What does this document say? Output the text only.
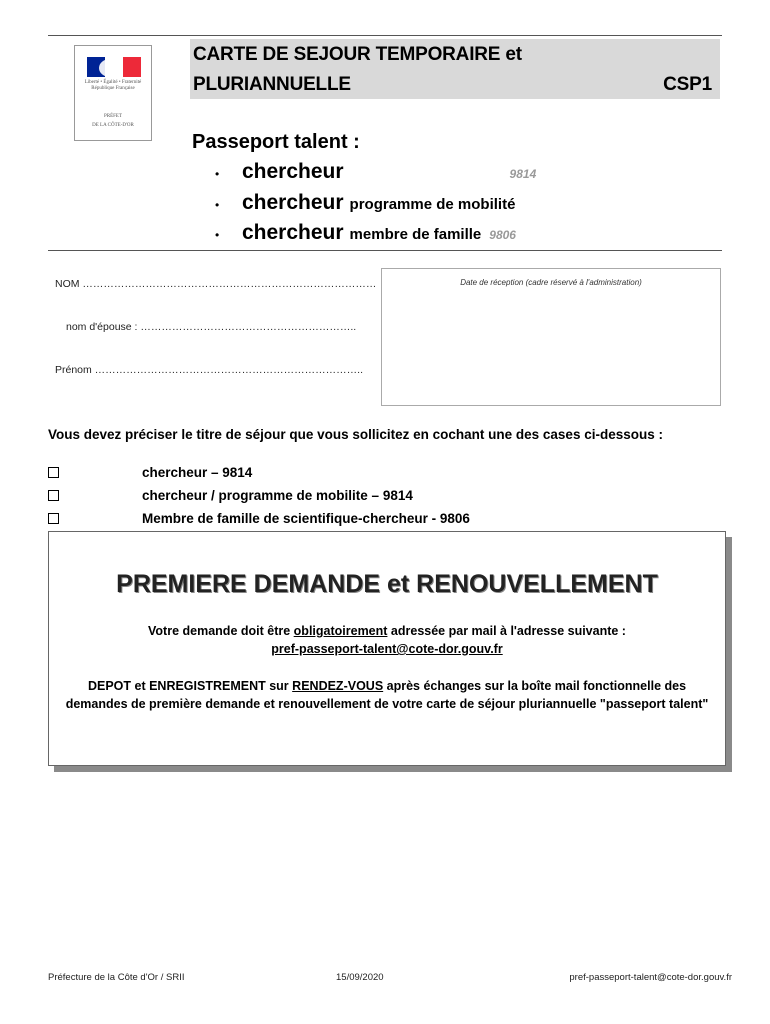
Liberté • Égalité • Fraternité
République Française
PRÉFET
DE LA CÔTE-D'OR
CARTE DE SEJOUR TEMPORAIRE et
PLURIANNUELLE	CSP1
Passeport talent :
•	chercheur	9814
•	chercheur programme de mobilité
•	chercheur membre de famille 9806
NOM …………………………………………………………………………
nom d'épouse : ……………………………………………………..
Prénom …………………………………………………………………..
Date de réception (cadre réservé à l'administration)
Vous devez préciser le titre de séjour que vous sollicitez en cochant une des cases ci-dessous :
chercheur – 9814
chercheur / programme de mobilite – 9814
Membre de famille de scientifique-chercheur - 9806
PREMIERE DEMANDE et RENOUVELLEMENT
Votre demande doit être obligatoirement adressée par mail à l'adresse suivante :
pref-passeport-talent@cote-dor.gouv.fr
DEPOT et ENREGISTREMENT sur RENDEZ-VOUS après échanges sur la boîte mail fonctionnelle des demandes de première demande et renouvellement de votre carte de séjour pluriannuelle "passeport talent"
Préfecture de la Côte d'Or / SRII	15/09/2020	pref-passeport-talent@cote-dor.gouv.fr
